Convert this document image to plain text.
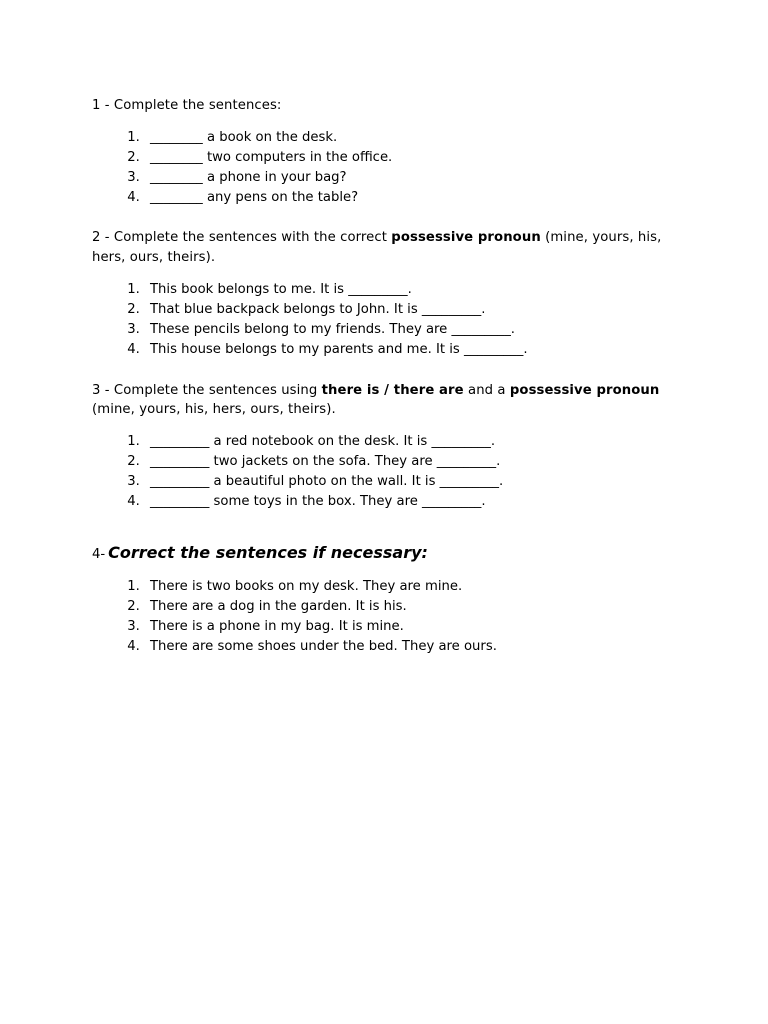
1 - Complete the sentences:

1. ________ a book on the desk.
2. ________ two computers in the office.
3. ________ a phone in your bag?
4. ________ any pens on the table?

2 - Complete the sentences with the correct possessive pronoun (mine, yours, his, hers, ours, theirs).

1. This book belongs to me. It is _________.
2. That blue backpack belongs to John. It is _________.
3. These pencils belong to my friends. They are _________.
4. This house belongs to my parents and me. It is _________.

3 - Complete the sentences using there is / there are and a possessive pronoun (mine, yours, his, hers, ours, theirs).

1. _________ a red notebook on the desk. It is _________.
2. _________ two jackets on the sofa. They are _________.
3. _________ a beautiful photo on the wall. It is _________.
4. _________ some toys in the box. They are _________.

4- Correct the sentences if necessary:

1. There is two books on my desk. They are mine.
2. There are a dog in the garden. It is his.
3. There is a phone in my bag. It is mine.
4. There are some shoes under the bed. They are ours.
